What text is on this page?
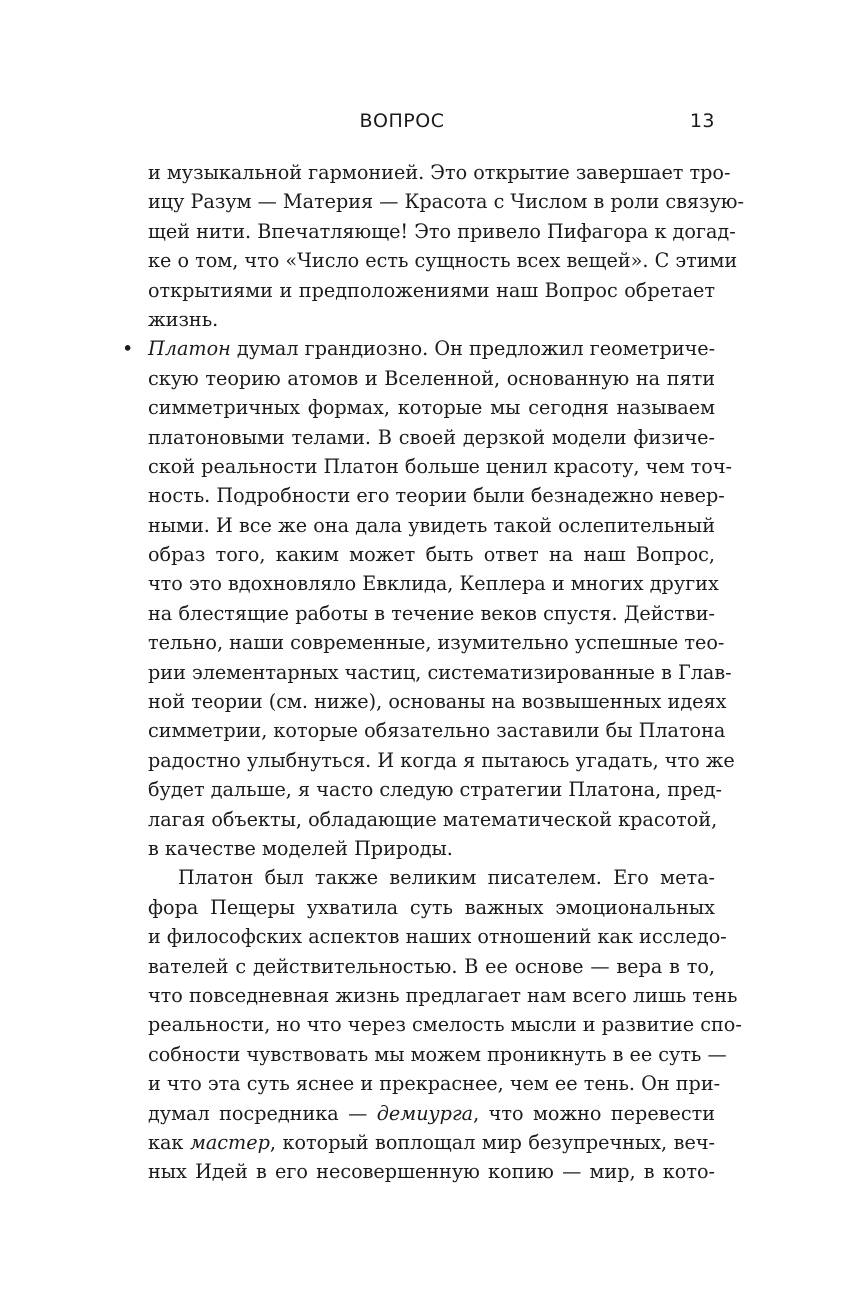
ВОПРОС	13
и музыкальной гармонией. Это открытие завершает тро-
ицу Разум — Материя — Красота с Числом в роли связую-
щей нити. Впечатляюще! Это привело Пифагора к догад-
ке о том, что «Число есть сущность всех вещей». С этими
открытиями и предположениями наш Вопрос обретает
жизнь.
• Платон думал грандиозно. Он предложил геометриче-
скую теорию атомов и Вселенной, основанную на пяти
симметричных формах, которые мы сегодня называем
платоновыми телами. В своей дерзкой модели физиче-
ской реальности Платон больше ценил красоту, чем точ-
ность. Подробности его теории были безнадежно невер-
ными. И все же она дала увидеть такой ослепительный
образ того, каким может быть ответ на наш Вопрос,
что это вдохновляло Евклида, Кеплера и многих других
на блестящие работы в течение веков спустя. Действи-
тельно, наши современные, изумительно успешные тео-
рии элементарных частиц, систематизированные в Глав-
ной теории (см. ниже), основаны на возвышенных идеях
симметрии, которые обязательно заставили бы Платона
радостно улыбнуться. И когда я пытаюсь угадать, что же
будет дальше, я часто следую стратегии Платона, пред-
лагая объекты, обладающие математической красотой,
в качестве моделей Природы.
Платон был также великим писателем. Его мета-
фора Пещеры ухватила суть важных эмоциональных
и философских аспектов наших отношений как исследо-
вателей с действительностью. В ее основе — вера в то,
что повседневная жизнь предлагает нам всего лишь тень
реальности, но что через смелость мысли и развитие спо-
собности чувствовать мы можем проникнуть в ее суть —
и что эта суть яснее и прекраснее, чем ее тень. Он при-
думал посредника — демиурга, что можно перевести
как мастер, который воплощал мир безупречных, веч-
ных Идей в его несовершенную копию — мир, в кото-
